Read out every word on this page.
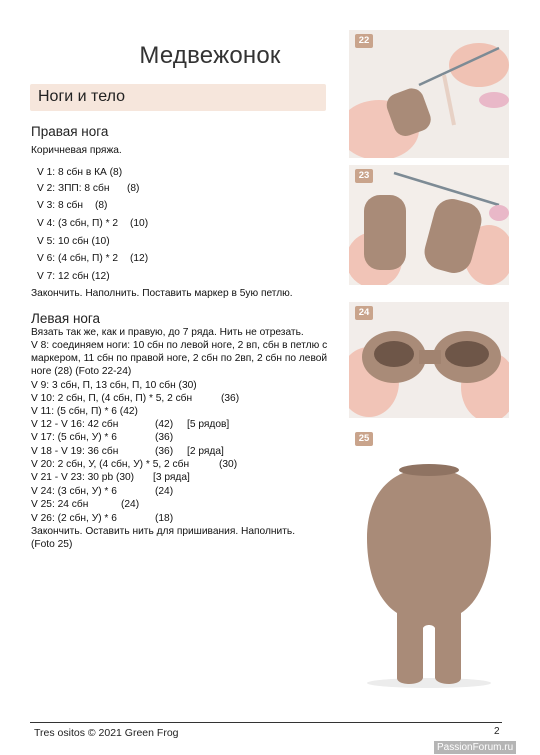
Медвежонок
Ноги и тело
Правая нога
Коричневая пряжа.
V 1: 8 сбн в КА (8)
V 2: ЗПП: 8 сбн (8)
V 3: 8 сбн (8)
V 4: (3 сбн, П) * 2 (10)
V 5: 10 сбн (10)
V 6: (4 сбн, П) * 2 (12)
V 7: 12 сбн (12)
Закончить. Наполнить. Поставить маркер в 5ую петлю.
Левая нога
Вязать так же, как и правую, до 7 ряда. Нить не отрезать.
V 8: соединяем ноги: 10 сбн по левой ноге, 2 вп, сбн в петлю с
маркером, 11 сбн по правой ноге, 2 сбн по 2вп, 2 сбн по левой
ноге (28) (Foto 22-24)
V 9: 3 сбн, П, 13 сбн, П, 10 сбн (30)
V 10: 2 сбн, П, (4 сбн, П) * 5, 2 сбн	(36)
V 11: (5 сбн, П) * 6 (42)
V 12 - V 16: 42 сбн	(42) [5 рядов]
V 17: (5 сбн, У) * 6	(36)
V 18 - V 19: 36 сбн	(36) [2 ряда]
V 20: 2 сбн, У, (4 сбн, У) * 5, 2 сбн	(30)
V 21 - V 23: 30 pb (30) [3 ряда]
V 24: (3 сбн, У) * 6	(24)
V 25: 24 сбн	(24)
V 26: (2 сбн, У) * 6	(18)
Закончить. Оставить нить для пришивания. Наполнить.
(Foto 25)
22
23
24
25
Tres ositos © 2021 Green Frog	2
PassionForum.ru
